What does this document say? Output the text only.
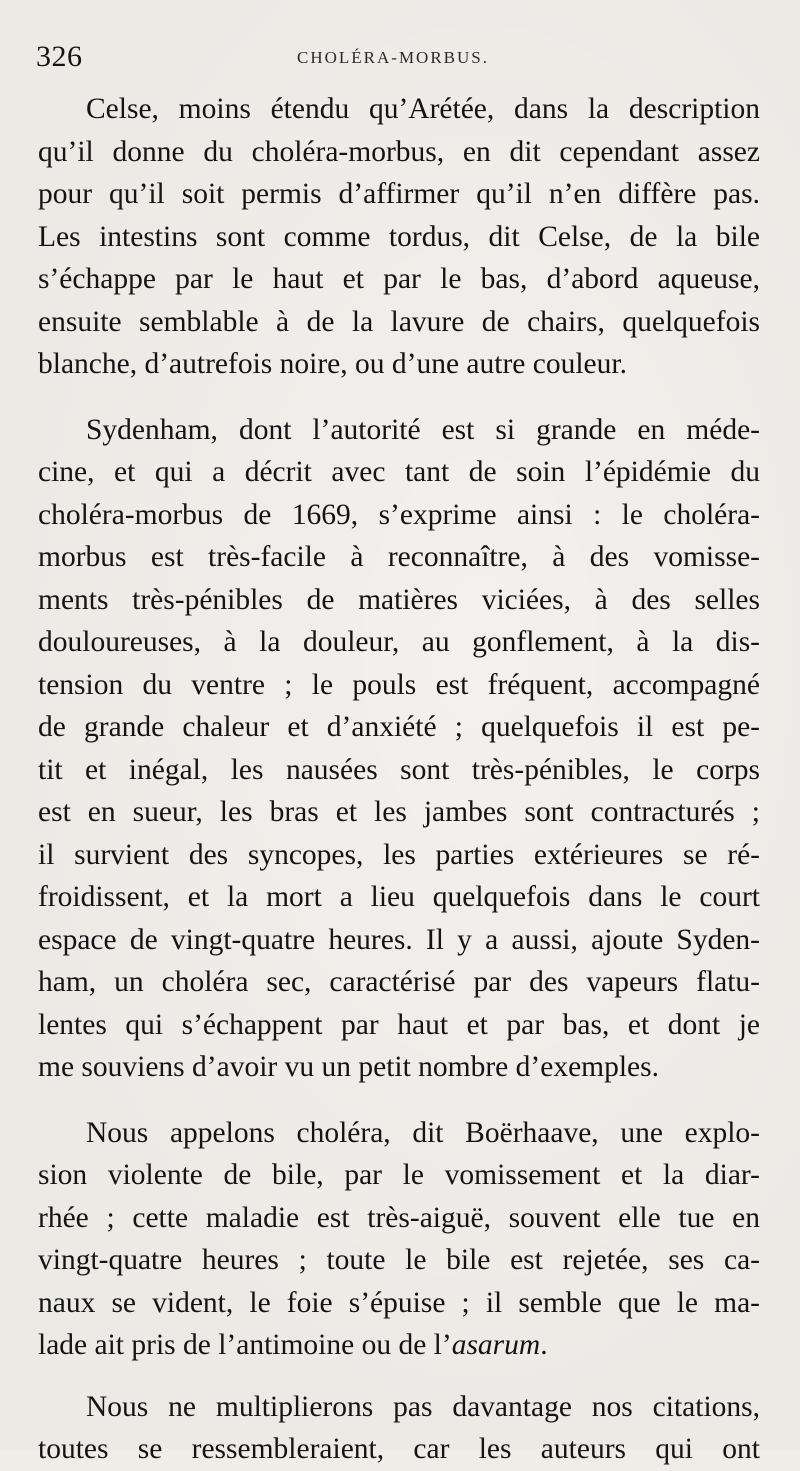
326	CHOLÉRA-MORBUS.

Celse, moins étendu qu’Arétée, dans la description
qu’il donne du choléra-morbus, en dit cependant assez
pour qu’il soit permis d’affirmer qu’il n’en diffère pas.
Les intestins sont comme tordus, dit Celse, de la bile
s’échappe par le haut et par le bas, d’abord aqueuse,
ensuite semblable à de la lavure de chairs, quelquefois
blanche, d’autrefois noire, ou d’une autre couleur.

Sydenham, dont l’autorité est si grande en méde-
cine, et qui a décrit avec tant de soin l’épidémie du
choléra-morbus de 1669, s’exprime ainsi : le choléra-
morbus est très-facile à reconnaître, à des vomisse-
ments très-pénibles de matières viciées, à des selles
douloureuses, à la douleur, au gonflement, à la dis-
tension du ventre ; le pouls est fréquent, accompagné
de grande chaleur et d’anxiété ; quelquefois il est pe-
tit et inégal, les nausées sont très-pénibles, le corps
est en sueur, les bras et les jambes sont contracturés ;
il survient des syncopes, les parties extérieures se ré-
froidissent, et la mort a lieu quelquefois dans le court
espace de vingt-quatre heures. Il y a aussi, ajoute Syden-
ham, un choléra sec, caractérisé par des vapeurs flatu-
lentes qui s’échappent par haut et par bas, et dont je
me souviens d’avoir vu un petit nombre d’exemples.

Nous appelons choléra, dit Boërhaave, une explo-
sion violente de bile, par le vomissement et la diar-
rhée ; cette maladie est très-aiguë, souvent elle tue en
vingt-quatre heures ; toute le bile est rejetée, ses ca-
naux se vident, le foie s’épuise ; il semble que le ma-
lade ait pris de l’antimoine ou de l’asarum.

Nous ne multiplierons pas davantage nos citations,
toutes se ressembleraient, car les auteurs qui ont
